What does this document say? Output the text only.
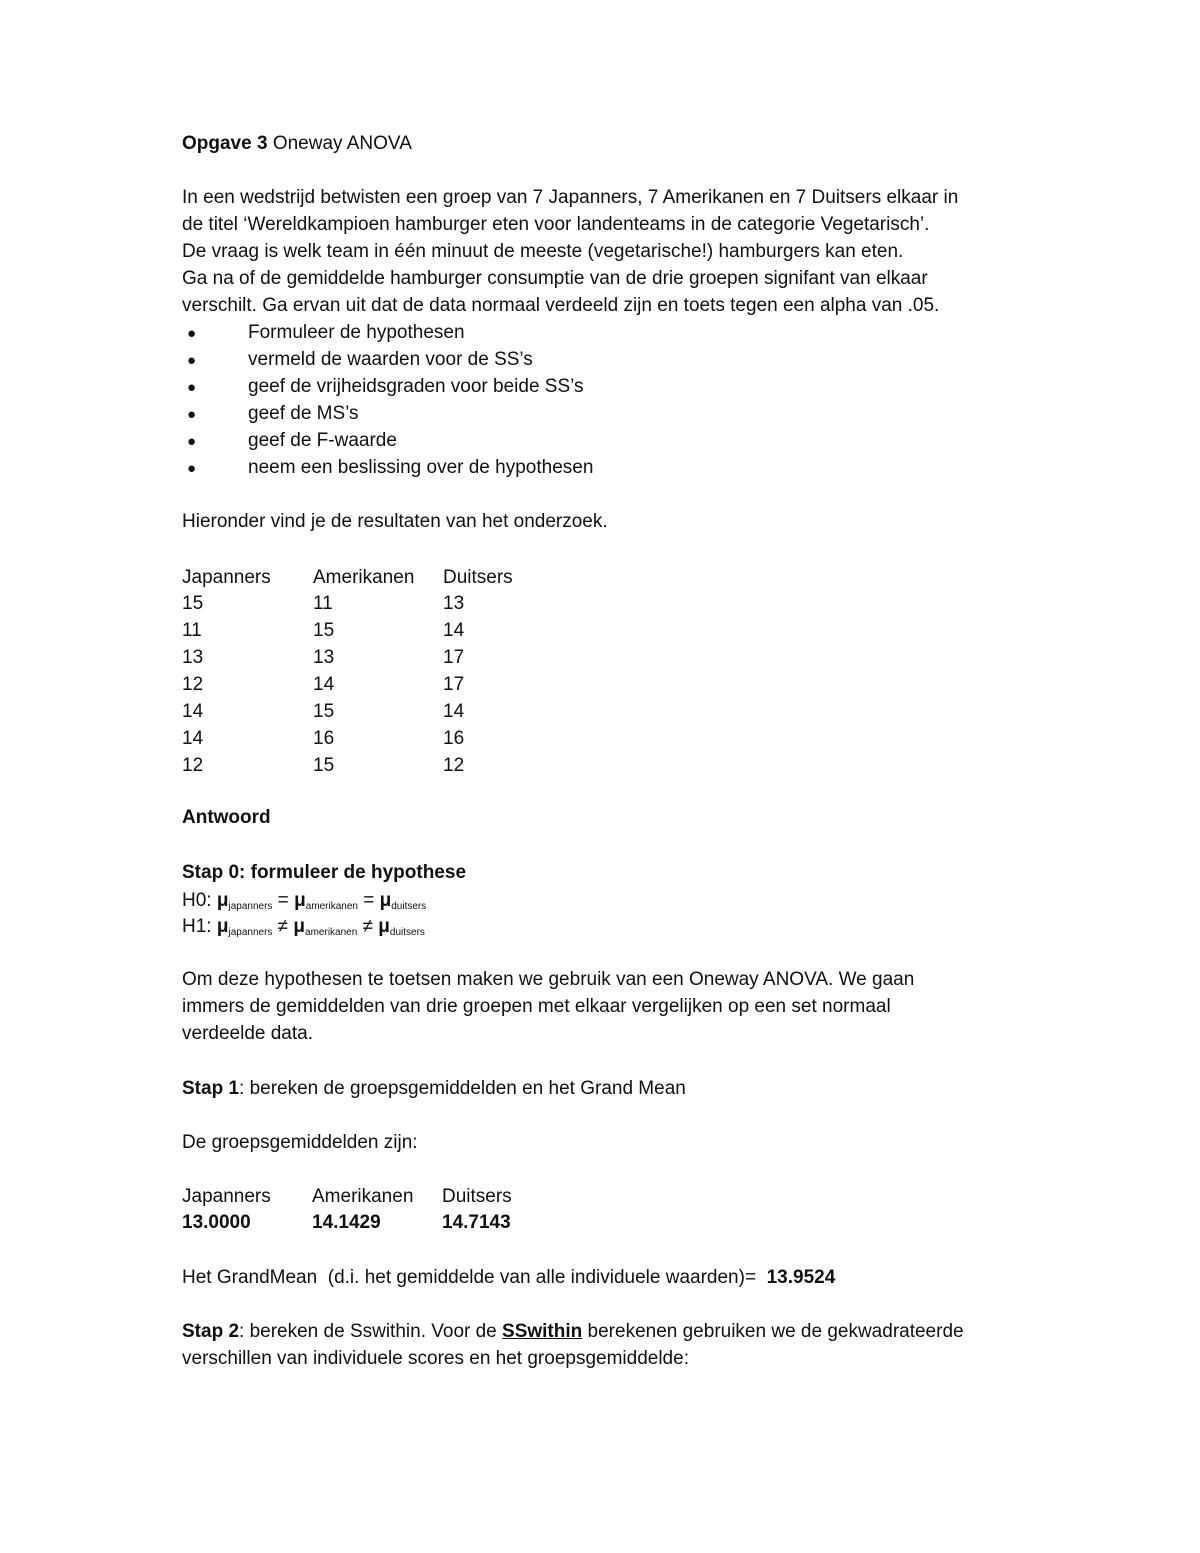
Opgave 3 Oneway ANOVA
In een wedstrijd betwisten een groep van 7 Japanners, 7 Amerikanen en 7 Duitsers elkaar in
de titel ‘Wereldkampioen hamburger eten voor landenteams in de categorie Vegetarisch’.
De vraag is welk team in één minuut de meeste (vegetarische!) hamburgers kan eten.
Ga na of de gemiddelde hamburger consumptie van de drie groepen signifant van elkaar
verschilt. Ga ervan uit dat de data normaal verdeeld zijn en toets tegen een alpha van .05.
●	Formuleer de hypothesen
●	vermeld de waarden voor de SS’s
●	geef de vrijheidsgraden voor beide SS’s
●	geef de MS’s
●	geef de F-waarde
●	neem een beslissing over de hypothesen
Hieronder vind je de resultaten van het onderzoek.
Japanners Amerikanen Duitsers
15	11	13
11	15	14
13	13	17
12	14	17
14	15	14
14	16	16
12	15	12
Antwoord
Stap 0: formuleer de hypothese
H0: $\mu_{japanners} = \mu_{amerikanen} = \mu_{duitsers}$
H1: $\mu_{japanners} \ne \mu_{amerikanen} \ne \mu_{duitsers}$
Om deze hypothesen te toetsen maken we gebruik van een Oneway ANOVA. We gaan
immers de gemiddelden van drie groepen met elkaar vergelijken op een set normaal
verdeelde data.
Stap 1: bereken de groepsgemiddelden en het Grand Mean
De groepsgemiddelden zijn:
Japanners Amerikanen Duitsers
13.0000	14.1429	14.7143
Het GrandMean  (d.i. het gemiddelde van alle individuele waarden)=  13.9524
Stap 2: bereken de Sswithin. Voor de SSwithin berekenen gebruiken we de gekwadrateerde
verschillen van individuele scores en het groepsgemiddelde:
